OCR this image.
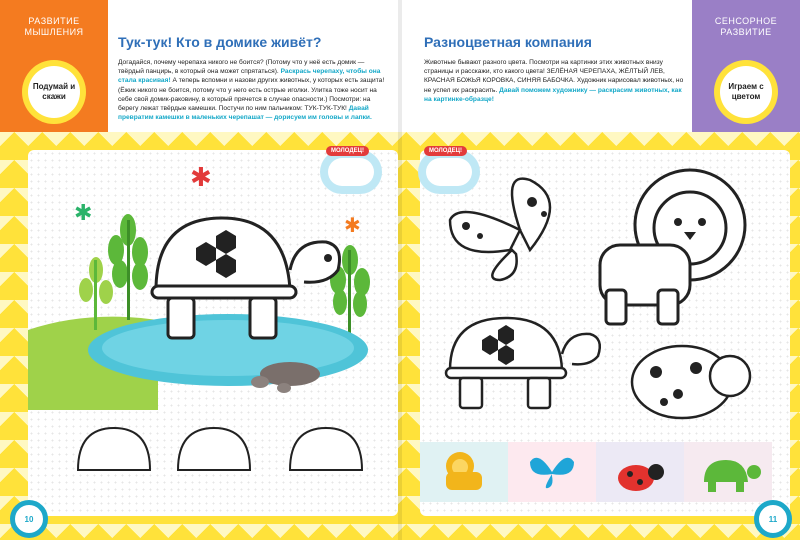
РАЗВИТИЕ МЫШЛЕНИЯ
Подумай и скажи
Тук-тук! Кто в домике живёт?
Догадайся, почему черепаха никого не боится? (Потому что у неё есть домик — твёрдый панцирь, в который она может спрятаться). Раскрась черепаху, чтобы она стала красивая! А теперь вспомни и назови других животных, у которых есть защита! (Ёжик никого не боится, потому что у него есть острые иголки. Улитка тоже носит на себе свой домик-раковину, в который прячется в случае опасности.) Посмотри: на берегу лежат твёрдые камешки. Постучи по ним пальчиком: ТУК-ТУК-ТУК! Давай превратим камешки в маленьких черепашат — дорисуем им головы и лапки.
СЕНСОРНОЕ РАЗВИТИЕ
Играем с цветом
Разноцветная компания
Животные бывают разного цвета. Посмотри на картинки этих животных внизу страницы и расскажи, кто какого цвета! ЗЕЛЁНАЯ ЧЕРЕПАХА, ЖЁЛТЫЙ ЛЕВ, КРАСНАЯ БОЖЬЯ КОРОВКА, СИНЯЯ БАБОЧКА. Художник нарисовал животных, но не успел их раскрасить. Давай поможем художнику — раскрасим животных, как на картинке-образце!
МОЛОДЕЦ!
✱
✱	✱
МОЛОДЕЦ!
10	11
